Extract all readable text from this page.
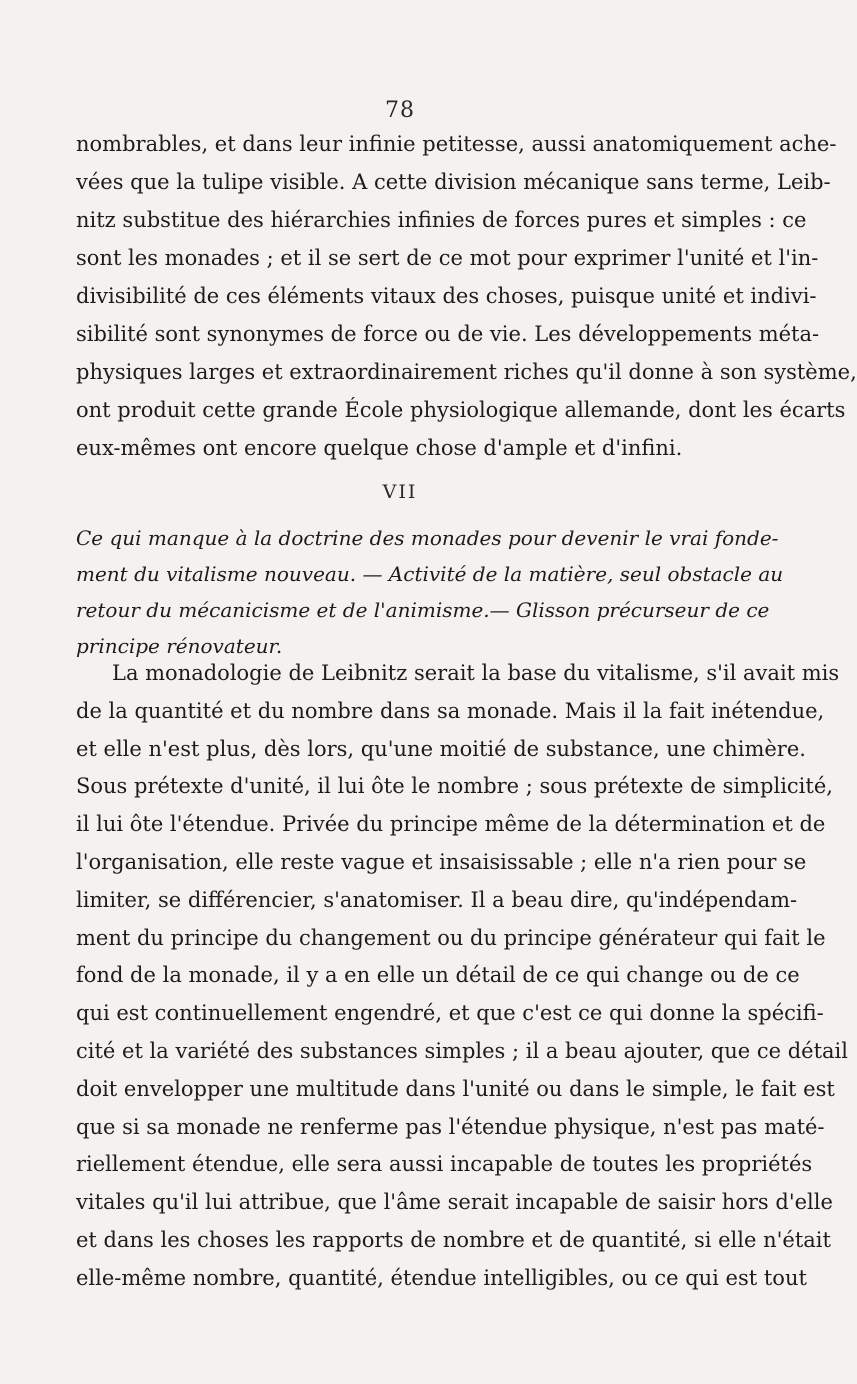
78
nombrables, et dans leur infinie petitesse, aussi anatomiquement ache-
vées que la tulipe visible. A cette division mécanique sans terme, Leib-
nitz substitue des hiérarchies infinies de forces pures et simples : ce
sont les monades ; et il se sert de ce mot pour exprimer l'unité et l'in-
divisibilité de ces éléments vitaux des choses, puisque unité et indivi-
sibilité sont synonymes de force ou de vie. Les développements méta-
physiques larges et extraordinairement riches qu'il donne à son système,
ont produit cette grande École physiologique allemande, dont les écarts
eux-mêmes ont encore quelque chose d'ample et d'infini.
VII
Ce qui manque à la doctrine des monades pour devenir le vrai fonde-
ment du vitalisme nouveau. — Activité de la matière, seul obstacle au
retour du mécanicisme et de l'animisme.— Glisson précurseur de ce
principe rénovateur.
La monadologie de Leibnitz serait la base du vitalisme, s'il avait mis
de la quantité et du nombre dans sa monade. Mais il la fait inétendue,
et elle n'est plus, dès lors, qu'une moitié de substance, une chimère.
Sous prétexte d'unité, il lui ôte le nombre ; sous prétexte de simplicité,
il lui ôte l'étendue. Privée du principe même de la détermination et de
l'organisation, elle reste vague et insaisissable ; elle n'a rien pour se
limiter, se différencier, s'anatomiser. Il a beau dire, qu'indépendam-
ment du principe du changement ou du principe générateur qui fait le
fond de la monade, il y a en elle un détail de ce qui change ou de ce
qui est continuellement engendré, et que c'est ce qui donne la spécifi-
cité et la variété des substances simples ; il a beau ajouter, que ce détail
doit envelopper une multitude dans l'unité ou dans le simple, le fait est
que si sa monade ne renferme pas l'étendue physique, n'est pas maté-
riellement étendue, elle sera aussi incapable de toutes les propriétés
vitales qu'il lui attribue, que l'âme serait incapable de saisir hors d'elle
et dans les choses les rapports de nombre et de quantité, si elle n'était
elle-même nombre, quantité, étendue intelligibles, ou ce qui est tout
